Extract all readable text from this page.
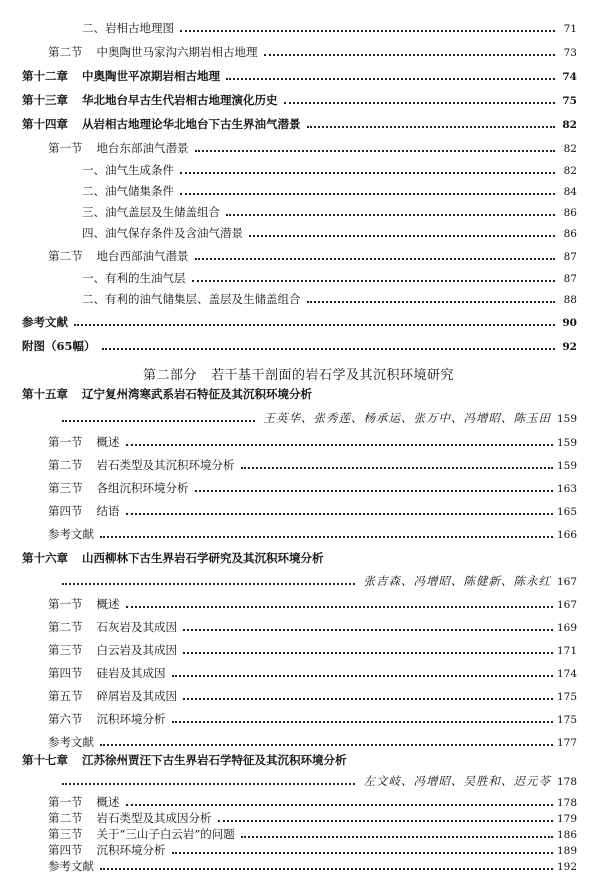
二、岩相古地理图	71
第二节 中奥陶世马家沟六期岩相古地理	73
第十二章 中奥陶世平凉期岩相古地理	74
第十三章 华北地台早古生代岩相古地理演化历史	75
第十四章 从岩相古地理论华北地台下古生界油气潜景	82
第一节 地台东部油气潜景	82
一、油气生成条件	82
二、油气储集条件	84
三、油气盖层及生储盖组合	86
四、油气保存条件及含油气潜景	86
第二节 地台西部油气潜景	87
一、有利的生油气层	87
二、有利的油气储集层、盖层及生储盖组合	88
参考文献	90
附图（65幅）	92
第二部分 若干基干剖面的岩石学及其沉积环境研究
第十五章 辽宁复州湾寒武系岩石特征及其沉积环境分析
王英华、张秀莲、杨承运、张万中、冯增昭、陈玉田 159
第一节 概述	159
第二节 岩石类型及其沉积环境分析	159
第三节 各组沉积环境分析	163
第四节 结语	165
参考文献	166
第十六章 山西柳林下古生界岩石学研究及其沉积环境分析
张吉森、冯增昭、陈健新、陈永红 167
第一节 概述	167
第二节 石灰岩及其成因	169
第三节 白云岩及其成因	171
第四节 硅岩及其成因	174
第五节 碎屑岩及其成因	175
第六节 沉积环境分析	175
参考文献	177
第十七章 江苏徐州贾汪下古生界岩石学特征及其沉积环境分析
左文岐、冯增昭、吴胜和、迟元苓 178
第一节 概述	178
第二节 岩石类型及其成因分析	179
第三节 关于“三山子白云岩”的问题	186
第四节 沉积环境分析	189
参考文献	192
